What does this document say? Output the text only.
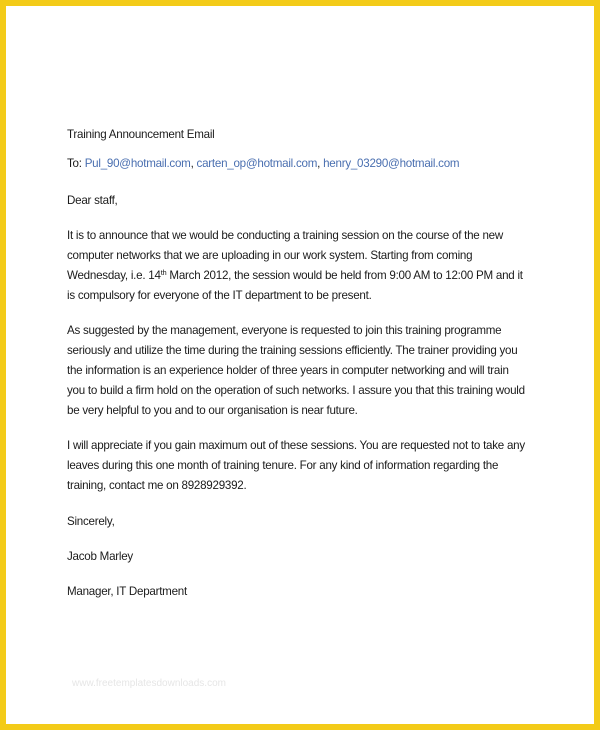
Training Announcement Email
To: Pul_90@hotmail.com, carten_op@hotmail.com, henry_03290@hotmail.com
Dear staff,
It is to announce that we would be conducting a training session on the course of the new computer networks that we are uploading in our work system. Starting from coming Wednesday, i.e. 14th March 2012, the session would be held from 9:00 AM to 12:00 PM and it is compulsory for everyone of the IT department to be present.
As suggested by the management, everyone is requested to join this training programme seriously and utilize the time during the training sessions efficiently. The trainer providing you the information is an experience holder of three years in computer networking and will train you to build a firm hold on the operation of such networks. I assure you that this training would be very helpful to you and to our organisation is near future.
I will appreciate if you gain maximum out of these sessions. You are requested not to take any leaves during this one month of training tenure. For any kind of information regarding the training, contact me on 8928929392.
Sincerely,
Jacob Marley
Manager, IT Department
www.freetemplatesdownloads.com
